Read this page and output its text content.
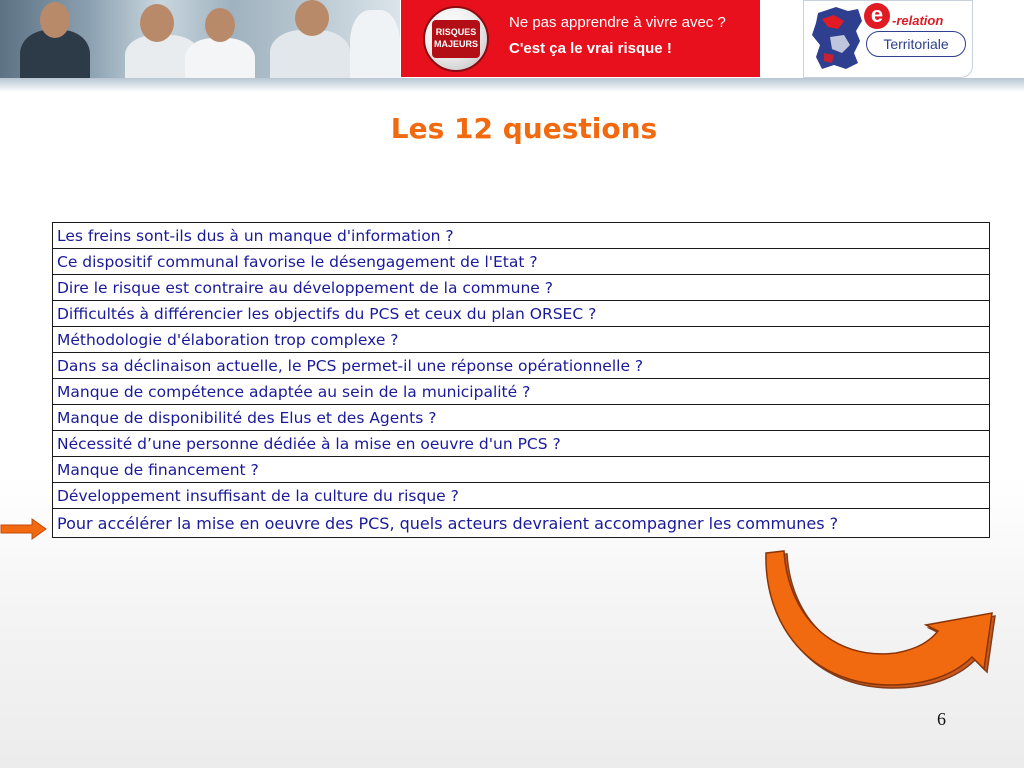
RISQUES MAJEURS
Ne pas apprendre à vivre avec ?
C'est ça le vrai risque !
e -relation
Territoriale
Les 12 questions
Les freins sont-ils dus à un manque d'information ?
Ce dispositif communal favorise le désengagement de l'Etat ?
Dire le risque est contraire au développement de la commune ?
Difficultés à différencier les objectifs du PCS et ceux du plan ORSEC ?
Méthodologie d'élaboration trop complexe ?
Dans sa déclinaison actuelle, le PCS permet-il une réponse opérationnelle ?
Manque de compétence adaptée au sein de la municipalité ?
Manque de disponibilité des Elus et des Agents ?
Nécessité d’une personne dédiée à la mise en oeuvre d'un PCS ?
Manque de financement ?
Développement insuffisant de la culture du risque ?
Pour accélérer la mise en oeuvre des PCS, quels acteurs devraient accompagner les communes ?
6
